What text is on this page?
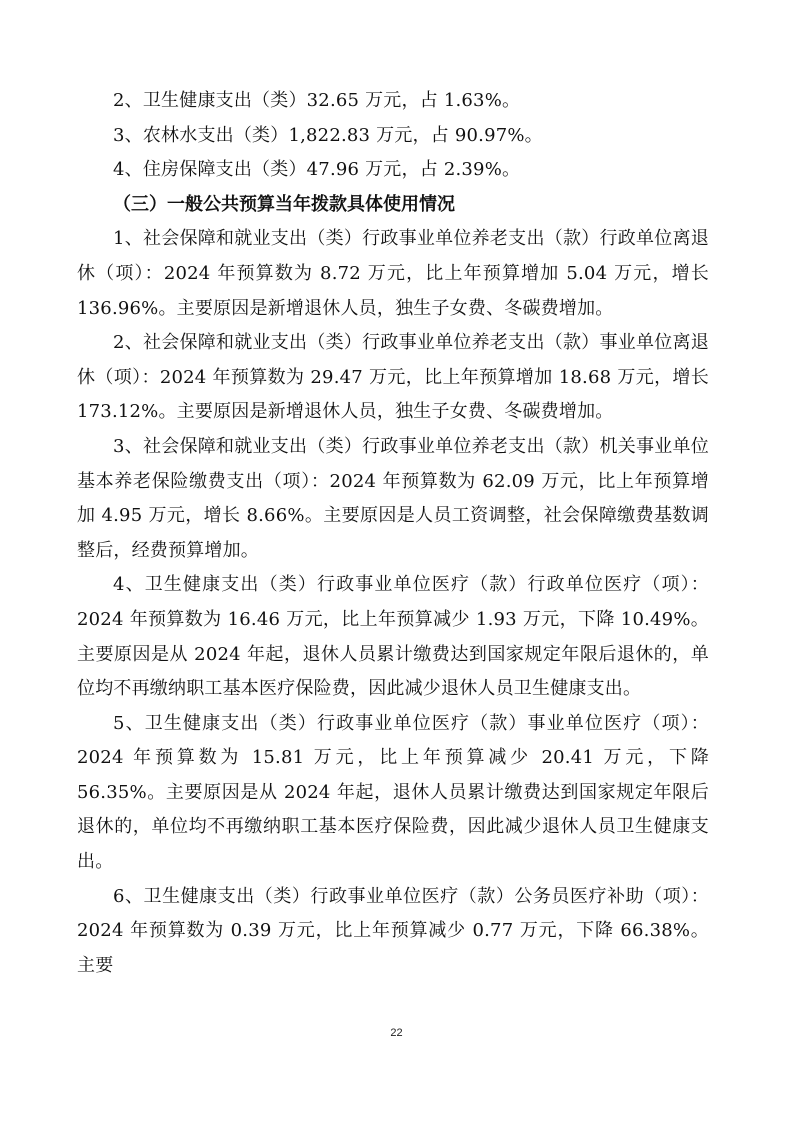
2、卫生健康支出（类）32.65 万元，占 1.63%。

3、农林水支出（类）1,822.83 万元，占 90.97%。

4、住房保障支出（类）47.96 万元，占 2.39%。

（三）一般公共预算当年拨款具体使用情况

1、社会保障和就业支出（类）行政事业单位养老支出（款）行政单位离退休（项）：2024 年预算数为 8.72 万元，比上年预算增加 5.04 万元，增长 136.96%。主要原因是新增退休人员，独生子女费、冬碳费增加。

2、社会保障和就业支出（类）行政事业单位养老支出（款）事业单位离退休（项）：2024 年预算数为 29.47 万元，比上年预算增加 18.68 万元，增长 173.12%。主要原因是新增退休人员，独生子女费、冬碳费增加。

3、社会保障和就业支出（类）行政事业单位养老支出（款）机关事业单位基本养老保险缴费支出（项）：2024 年预算数为 62.09 万元，比上年预算增加 4.95 万元，增长 8.66%。主要原因是人员工资调整，社会保障缴费基数调整后，经费预算增加。

4、卫生健康支出（类）行政事业单位医疗（款）行政单位医疗（项）：2024 年预算数为 16.46 万元，比上年预算减少 1.93 万元，下降 10.49%。主要原因是从 2024 年起，退休人员累计缴费达到国家规定年限后退休的，单位均不再缴纳职工基本医疗保险费，因此减少退休人员卫生健康支出。

5、卫生健康支出（类）行政事业单位医疗（款）事业单位医疗（项）：2024 年预算数为 15.81 万元，比上年预算减少 20.41 万元，下降 56.35%。主要原因是从 2024 年起，退休人员累计缴费达到国家规定年限后退休的，单位均不再缴纳职工基本医疗保险费，因此减少退休人员卫生健康支出。

6、卫生健康支出（类）行政事业单位医疗（款）公务员医疗补助（项）：2024 年预算数为 0.39 万元，比上年预算减少 0.77 万元，下降 66.38%。主要

22
